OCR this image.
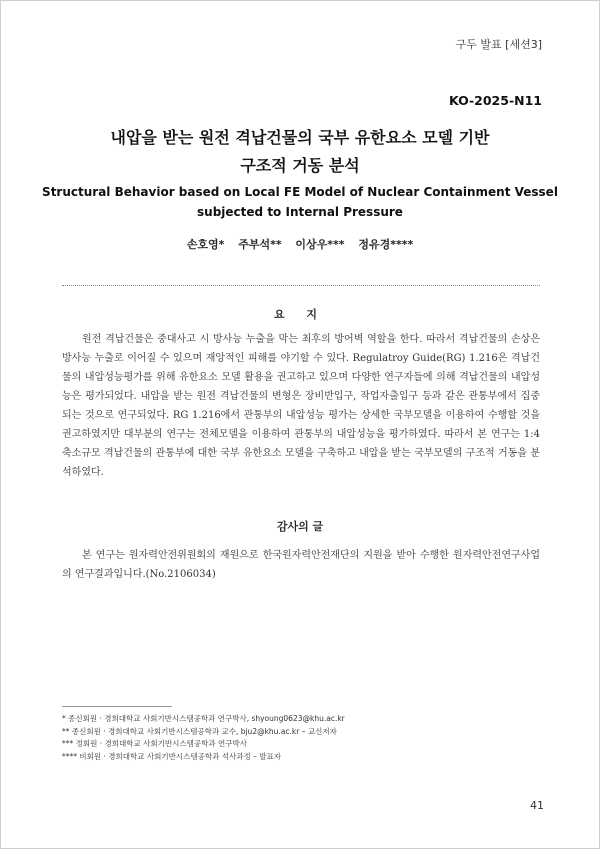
구두 발표 [세션3]
KO-2025-N11
내압을 받는 원전 격납건물의 국부 유한요소 모델 기반
구조적 거동 분석
Structural Behavior based on Local FE Model of Nuclear Containment Vessel
subjected to Internal Pressure
손호영* 주부석** 이상우*** 정유경****
요 지

원전 격납건물은 중대사고 시 방사능 누출을 막는 최후의 방어벽 역할을 한다. 따라서 격납건물의 손상은 방사능 누출로 이어질 수 있으며 재앙적인 피해를 야기할 수 있다. Regulatroy Guide(RG) 1.216은 격납건물의 내압성능평가를 위해 유한요소 모델 활용을 권고하고 있으며 다양한 연구자들에 의해 격납건물의 내압성능은 평가되었다. 내압을 받는 원전 격납건물의 변형은 장비반입구, 작업자출입구 등과 같은 관통부에서 집중되는 것으로 연구되었다. RG 1.216에서 관통부의 내압성능 평가는 상세한 국부모델을 이용하여 수행할 것을 권고하였지만 대부분의 연구는 전체모델을 이용하여 관통부의 내압성능을 평가하였다. 따라서 본 연구는 1:4 축소규모 격납건물의 관통부에 대한 국부 유한요소 모델을 구축하고 내압을 받는 국부모델의 구조적 거동을 분석하였다.

감사의 글

본 연구는 원자력안전위원회의 재원으로 한국원자력안전재단의 지원을 받아 수행한 원자력안전연구사업의 연구결과입니다.(No.2106034)

* 종신회원 · 경희대학교 사회기반시스템공학과 연구박사, shyoung0623@khu.ac.kr
** 종신회원 · 경희대학교 사회기반시스템공학과 교수, bju2@khu.ac.kr – 교신저자
*** 정회원 · 경희대학교 사회기반시스템공학과 연구박사
**** 비회원 · 경희대학교 사회기반시스템공학과 석사과정 – 발표자
41
